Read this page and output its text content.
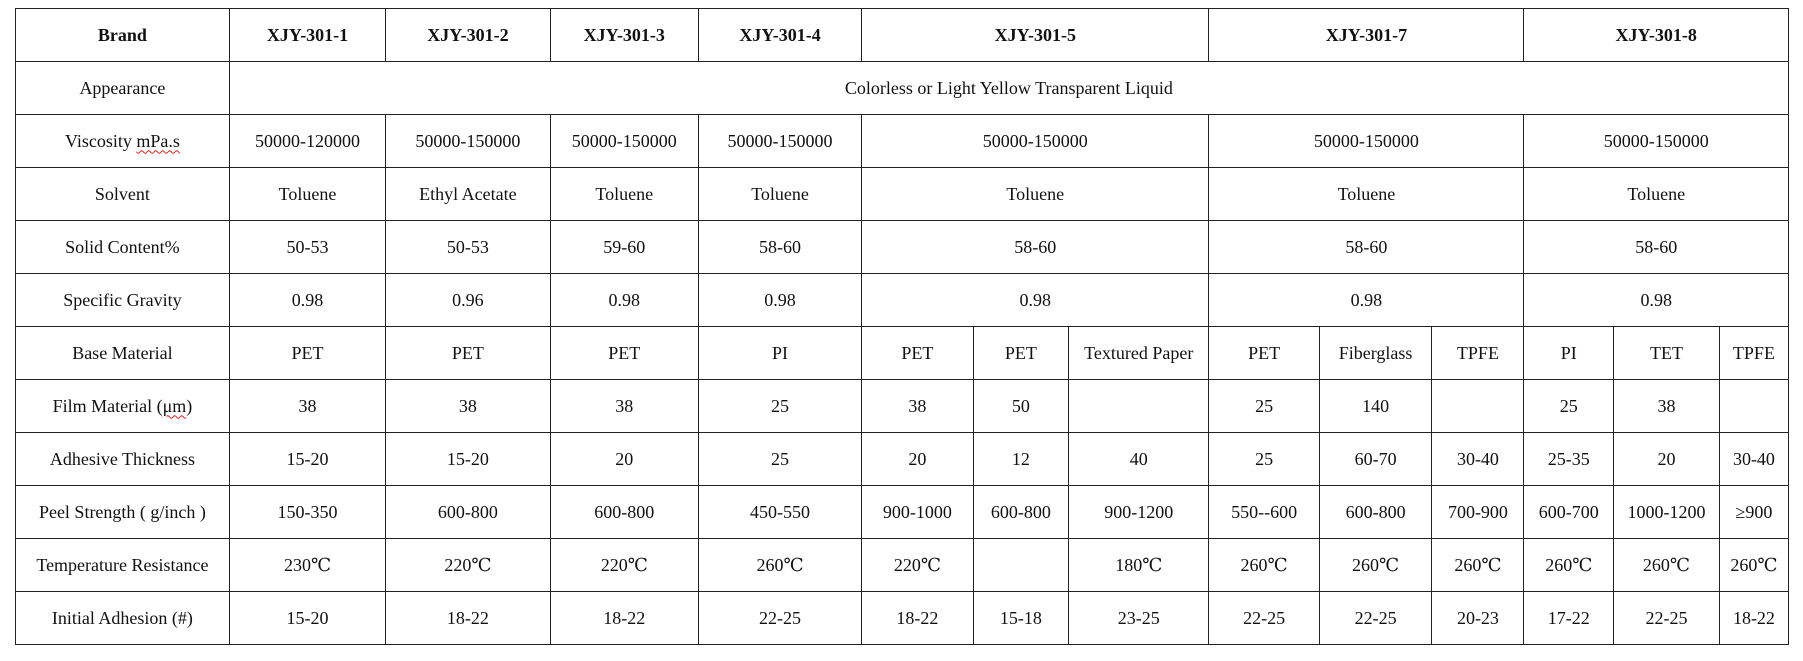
Brand	XJY-301-1	XJY-301-2	XJY-301-3	XJY-301-4	XJY-301-5			XJY-301-7			XJY-301-8		
Appearance	Colorless or Light Yellow Transparent Liquid												
Viscosity mPa.s	50000-120000	50000-150000	50000-150000	50000-150000	50000-150000			50000-150000			50000-150000		
Solvent	Toluene	Ethyl Acetate	Toluene	Toluene	Toluene			Toluene			Toluene		
Solid Content%	50-53	50-53	59-60	58-60	58-60			58-60			58-60		
Specific Gravity	0.98	0.96	0.98	0.98	0.98			0.98			0.98		
Base Material	PET	PET	PET	PI	PET	PET	Textured Paper	PET	Fiberglass	TPFE	PI	TET	TPFE
Film Material (μm)	38	38	38	25	38	50		25	140		25	38	
Adhesive Thickness	15-20	15-20	20	25	20	12	40	25	60-70	30-40	25-35	20	30-40
Peel Strength ( g/inch )	150-350	600-800	600-800	450-550	900-1000	600-800	900-1200	550--600	600-800	700-900	600-700	1000-1200	≥900
Temperature Resistance	230℃	220℃	220℃	260℃	220℃		180℃	260℃	260℃	260℃	260℃	260℃	260℃
Initial Adhesion (#)	15-20	18-22	18-22	22-25	18-22	15-18	23-25	22-25	22-25	20-23	17-22	22-25	18-22
